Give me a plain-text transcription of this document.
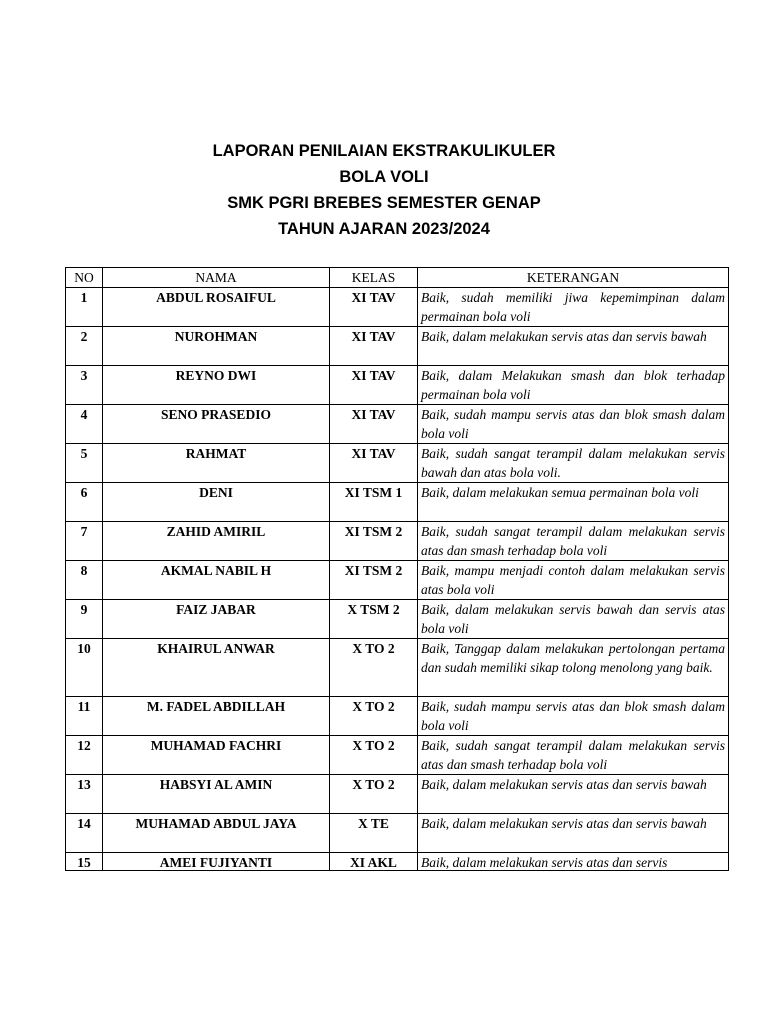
LAPORAN PENILAIAN EKSTRAKULIKULER
BOLA VOLI
SMK PGRI BREBES SEMESTER GENAP
TAHUN AJARAN 2023/2024
NO	NAMA	KELAS	KETERANGAN
1	ABDUL ROSAIFUL	XI TAV	Baik, sudah memiliki jiwa kepemimpinan dalam permainan bola voli
2	NUROHMAN	XI TAV	Baik, dalam melakukan servis atas dan servis bawah
3	REYNO DWI	XI TAV	Baik, dalam Melakukan smash dan blok terhadap permainan bola voli
4	SENO PRASEDIO	XI TAV	Baik, sudah mampu servis atas dan blok smash dalam bola voli
5	RAHMAT	XI TAV	Baik, sudah sangat terampil dalam melakukan servis bawah dan atas bola voli.
6	DENI	XI TSM 1	Baik, dalam melakukan semua permainan bola voli
7	ZAHID AMIRIL	XI TSM 2	Baik, sudah sangat terampil dalam melakukan servis atas dan smash terhadap bola voli
8	AKMAL NABIL H	XI TSM 2	Baik, mampu menjadi contoh dalam melakukan servis atas bola voli
9	FAIZ JABAR	X TSM 2	Baik, dalam melakukan servis bawah dan servis atas bola voli
10	KHAIRUL ANWAR	X TO 2	Baik, Tanggap dalam melakukan pertolongan pertama dan sudah memiliki sikap tolong menolong yang baik.
11	M. FADEL ABDILLAH	X TO 2	Baik, sudah mampu servis atas dan blok smash dalam bola voli
12	MUHAMAD FACHRI	X TO 2	Baik, sudah sangat terampil dalam melakukan servis atas dan smash terhadap bola voli
13	HABSYI AL AMIN	X TO 2	Baik, dalam melakukan servis atas dan servis bawah
14	MUHAMAD ABDUL JAYA	X TE	Baik, dalam melakukan servis atas dan servis bawah

15	AMEI FUJIYANTI	XI AKL	Baik, dalam melakukan servis atas dan servis
